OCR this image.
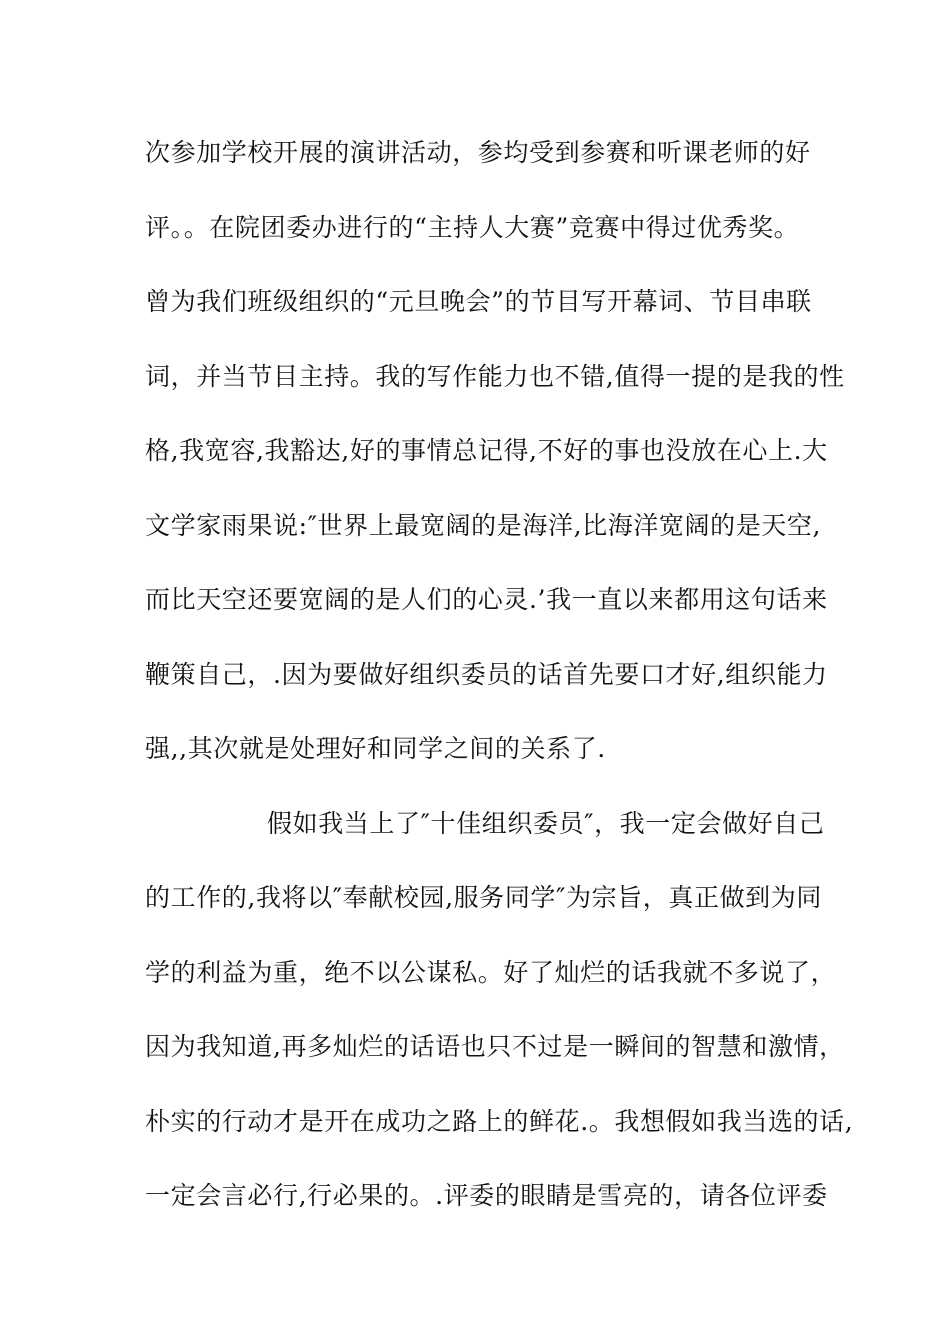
次参加学校开展的演讲活动，参均受到参赛和听课老师的好
评。。在院团委办进行的“主持人大赛”竞赛中得过优秀奖。
曾为我们班级组织的“元旦晚会”的节目写开幕词、节目串联
词，并当节目主持。我的写作能力也不错,值得一提的是我的性
格,我宽容,我豁达,好的事情总记得,不好的事也没放在心上.大
文学家雨果说:″世界上最宽阔的是海洋,比海洋宽阔的是天空,
而比天空还要宽阔的是人们的心灵.’我一直以来都用这句话来
鞭策自己，.因为要做好组织委员的话首先要口才好,组织能力
强,,其次就是处理好和同学之间的关系了.
假如我当上了″十佳组织委员″，我一定会做好自己
的工作的,我将以″奉献校园,服务同学″为宗旨，真正做到为同
学的利益为重，绝不以公谋私。好了灿烂的话我就不多说了，
因为我知道,再多灿烂的话语也只不过是一瞬间的智慧和激情，
朴实的行动才是开在成功之路上的鲜花.。我想假如我当选的话,
一定会言必行,行必果的。.评委的眼睛是雪亮的，请各位评委
